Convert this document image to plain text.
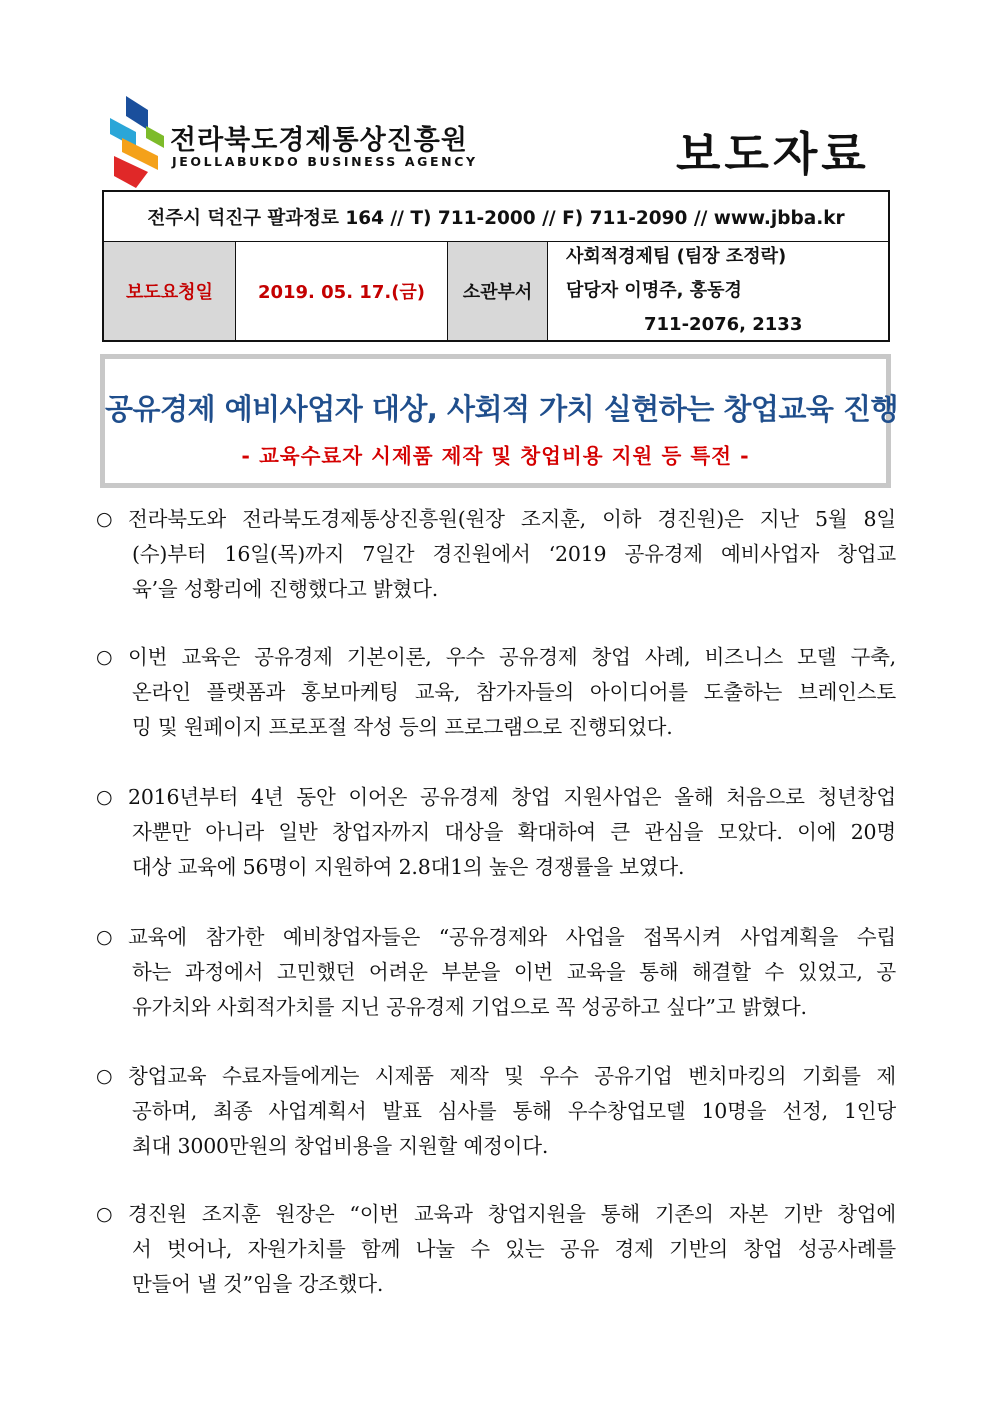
전라북도경제통상진흥원
JEOLLABUKDO BUSINESS AGENCY	보도자료
전주시 덕진구 팔과정로 164 // T) 711-2000 // F) 711-2090 // www.jbba.kr
보도요청일	2019. 05. 17.(금)	소관부서
사회적경제팀 (팀장 조정락)
담당자 이명주, 홍동경
711-2076, 2133
공유경제 예비사업자 대상, 사회적 가치 실현하는 창업교육 진행
- 교육수료자 시제품 제작 및 창업비용 지원 등 특전 -
○ 전라북도와 전라북도경제통상진흥원(원장 조지훈, 이하 경진원)은 지난 5월 8일
(수)부터 16일(목)까지 7일간 경진원에서 ‘2019 공유경제 예비사업자 창업교
육’을 성황리에 진행했다고 밝혔다.
○ 이번 교육은 공유경제 기본이론, 우수 공유경제 창업 사례, 비즈니스 모델 구축,
온라인 플랫폼과 홍보마케팅 교육, 참가자들의 아이디어를 도출하는 브레인스토
밍 및 원페이지 프로포절 작성 등의 프로그램으로 진행되었다.
○ 2016년부터 4년 동안 이어온 공유경제 창업 지원사업은 올해 처음으로 청년창업
자뿐만 아니라 일반 창업자까지 대상을 확대하여 큰 관심을 모았다. 이에 20명
대상 교육에 56명이 지원하여 2.8대1의 높은 경쟁률을 보였다.
○ 교육에 참가한 예비창업자들은 “공유경제와 사업을 접목시켜 사업계획을 수립
하는 과정에서 고민했던 어려운 부분을 이번 교육을 통해 해결할 수 있었고, 공
유가치와 사회적가치를 지닌 공유경제 기업으로 꼭 성공하고 싶다”고 밝혔다.
○ 창업교육 수료자들에게는 시제품 제작 및 우수 공유기업 벤치마킹의 기회를 제
공하며, 최종 사업계획서 발표 심사를 통해 우수창업모델 10명을 선정, 1인당
최대 3000만원의 창업비용을 지원할 예정이다.
○ 경진원 조지훈 원장은 “이번 교육과 창업지원을 통해 기존의 자본 기반 창업에
서 벗어나, 자원가치를 함께 나눌 수 있는 공유 경제 기반의 창업 성공사례를
만들어 낼 것”임을 강조했다.
